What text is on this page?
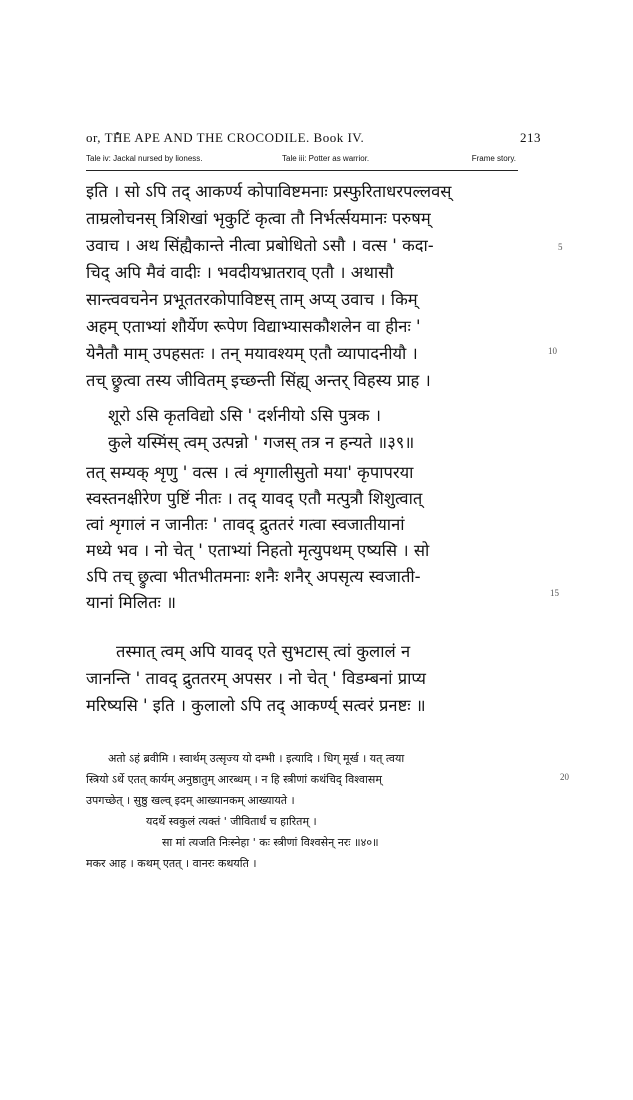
or, THE APE AND THE CROCODILE. Book IV.	213
Tale iv: Jackal nursed by lioness.	Tale iii: Potter as warrior.	Frame story.
इति । सो ऽपि तद् आकर्ण्य कोपाविष्टमनाः प्रस्फुरिताधरपल्लवस्
ताम्रलोचनस् त्रिशिखां भृकुटिं कृत्वा तौ निर्भर्त्सयमानः परुषम्
उवाच । अथ सिंह्यैकान्ते नीत्वा प्रबोधितो ऽसौ । वत्स ' कदा-
चिद् अपि मैवं वादीः । भवदीयभ्रातराव् एतौ । अथासौ
सान्त्ववचनेन प्रभूततरकोपाविष्टस् ताम् अप्य् उवाच । किम्
अहम् एताभ्यां शौर्येण रूपेण विद्याभ्यासकौशलेन वा हीनः '
येनैतौ माम् उपहसतः । तन् मयावश्यम् एतौ व्यापादनीयौ ।
तच् छ्रुत्वा तस्य जीवितम् इच्छन्ती सिंह्य् अन्तर् विहस्य प्राह ।
शूरो ऽसि कृतविद्यो ऽसि ' दर्शनीयो ऽसि पुत्रक ।
कुले यस्मिंस् त्वम् उत्पन्नो ' गजस् तत्र न हन्यते ॥३९॥
तत् सम्यक् शृणु ' वत्स । त्वं शृगालीसुतो मया' कृपापरया
स्वस्तनक्षीरेण पुष्टिं नीतः । तद् यावद् एतौ मत्पुत्रौ शिशुत्वात्
त्वां शृगालं न जानीतः ' तावद् द्रुततरं गत्वा स्वजातीयानां
मध्ये भव । नो चेत् ' एताभ्यां निहतो मृत्युपथम् एष्यसि । सो
ऽपि तच् छ्रुत्वा भीतभीतमनाः शनैः शनैर् अपसृत्य स्वजाती-
यानां मिलितः ॥
तस्मात् त्वम् अपि यावद् एते सुभटास् त्वां कुलालं न
जानन्ति ' तावद् द्रुततरम् अपसर । नो चेत् ' विडम्बनां प्राप्य
मरिष्यसि ' इति । कुलालो ऽपि तद् आकर्ण्य् सत्वरं प्रनष्टः ॥
अतो ऽहं ब्रवीमि । स्वार्थम् उत्सृज्य यो दम्भी । इत्यादि । धिग् मूर्ख । यत् त्वया
स्त्रियो ऽर्थे एतत् कार्यम् अनुष्ठातुम् आरब्धम् । न हि स्त्रीणां कथंचिद् विश्वासम्
उपगच्छेत् । सुष्ठु खल्व् इदम् आख्यानकम् आख्यायते ।
यदर्थे स्वकुलं त्यक्तं ' जीवितार्धं च हारितम् ।
सा मां त्यजति निःस्नेहा ' कः स्त्रीणां विश्वसेन् नरः ॥४०॥
मकर आह । कथम् एतत् । वानरः कथयति ।
5
10
15
20
